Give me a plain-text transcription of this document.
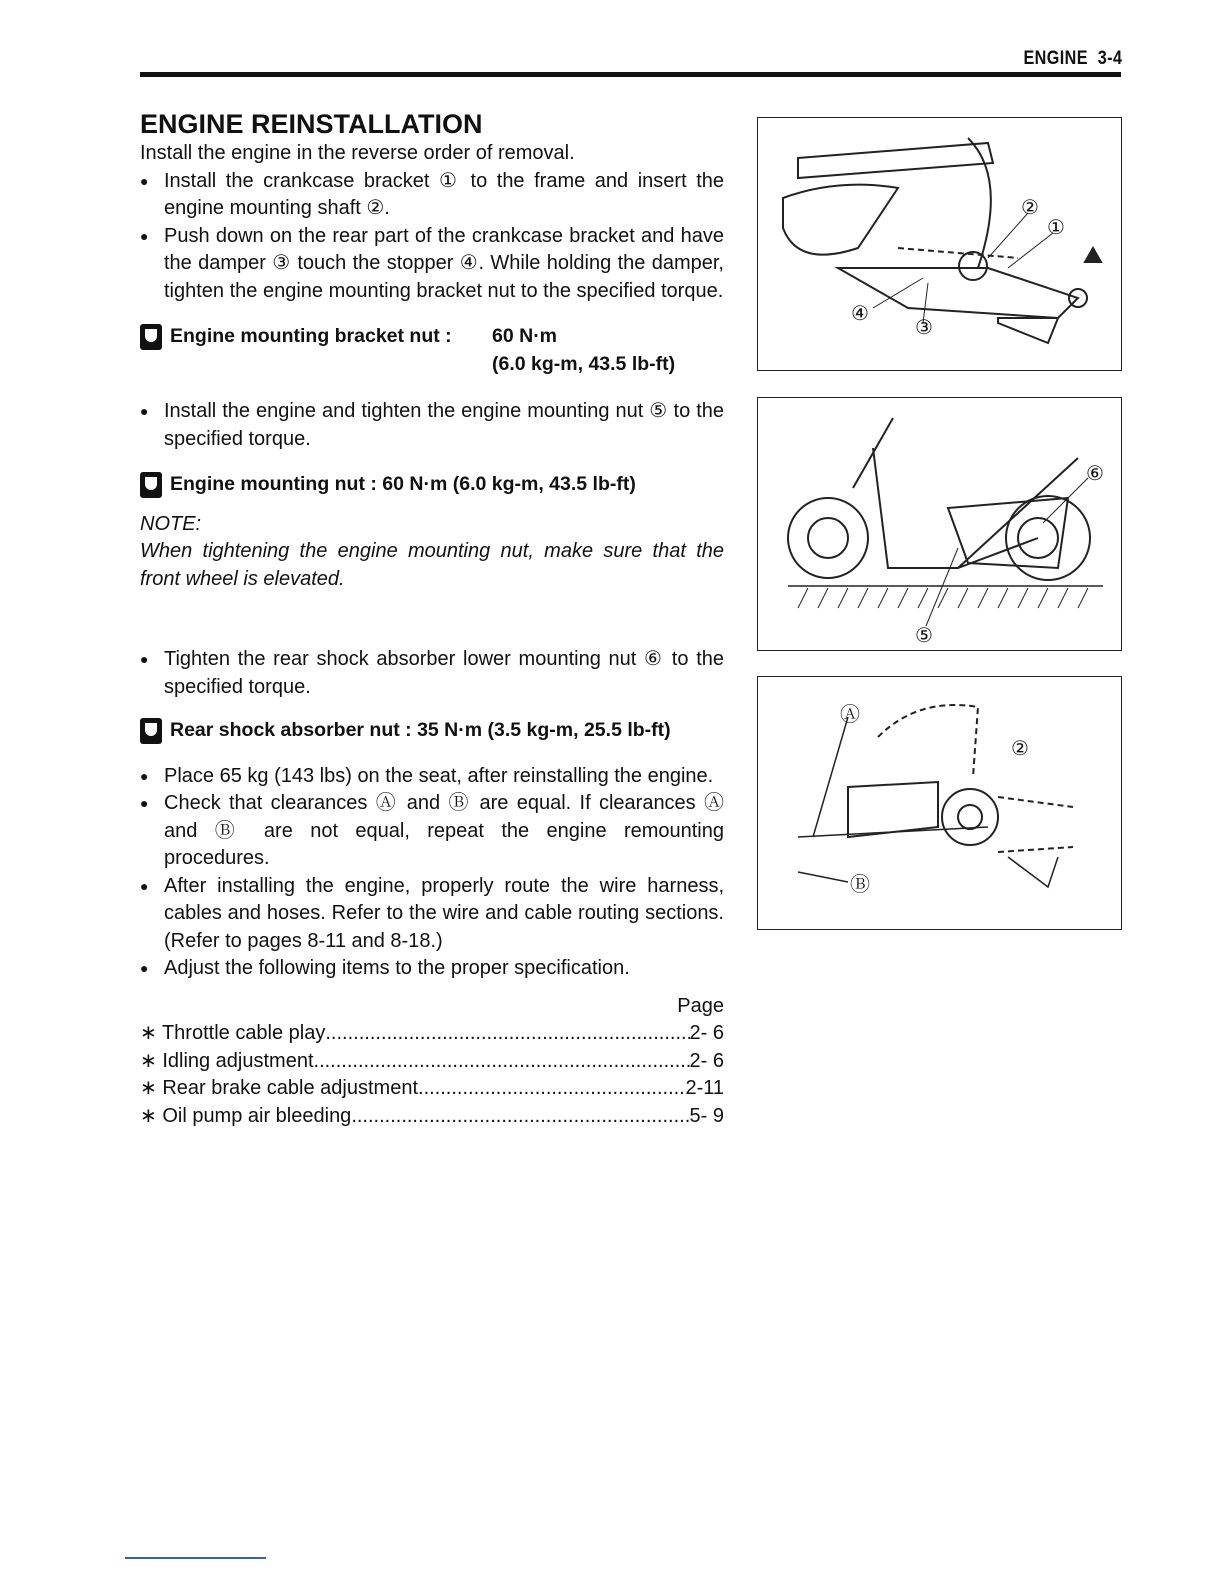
ENGINE 3-4
ENGINE REINSTALLATION

Install the engine in the reverse order of removal.

● Install the crankcase bracket ① to the frame and insert the engine mounting shaft ②.

● Push down on the rear part of the crankcase bracket and have the damper ③ touch the stopper ④. While holding the damper, tighten the engine mounting bracket nut to the specified torque.

Engine mounting bracket nut :	60 N·m
(6.0 kg-m, 43.5 lb-ft)

● Install the engine and tighten the engine mounting nut ⑤ to the specified torque.

Engine mounting nut :
60 N·m (6.0 kg-m, 43.5 lb-ft)

NOTE:

When tightening the engine mounting nut, make sure that the front wheel is elevated.

● Tighten the rear shock absorber lower mounting nut ⑥ to the specified torque.

Rear shock absorber nut :
35 N·m (3.5 kg-m, 25.5 lb-ft)

● Place 65 kg (143 lbs) on the seat, after reinstalling the engine.

● Check that clearances Ⓐ and Ⓑ are equal. If clearances Ⓐ and Ⓑ are not equal, repeat the engine remounting procedures.

● After installing the engine, properly route the wire harness, cables and hoses. Refer to the wire and cable routing sections. (Refer to pages 8-11 and 8-18.)

● Adjust the following items to the proper specification.

Page

∗ Throttle cable play .....	2- 6
∗ Idling adjustment .....	2- 6
∗ Rear brake cable adjustment .....	2-11
∗ Oil pump air bleeding .....	5- 9
②
①
④
③
⑤
⑥
Ⓐ
Ⓑ
②
